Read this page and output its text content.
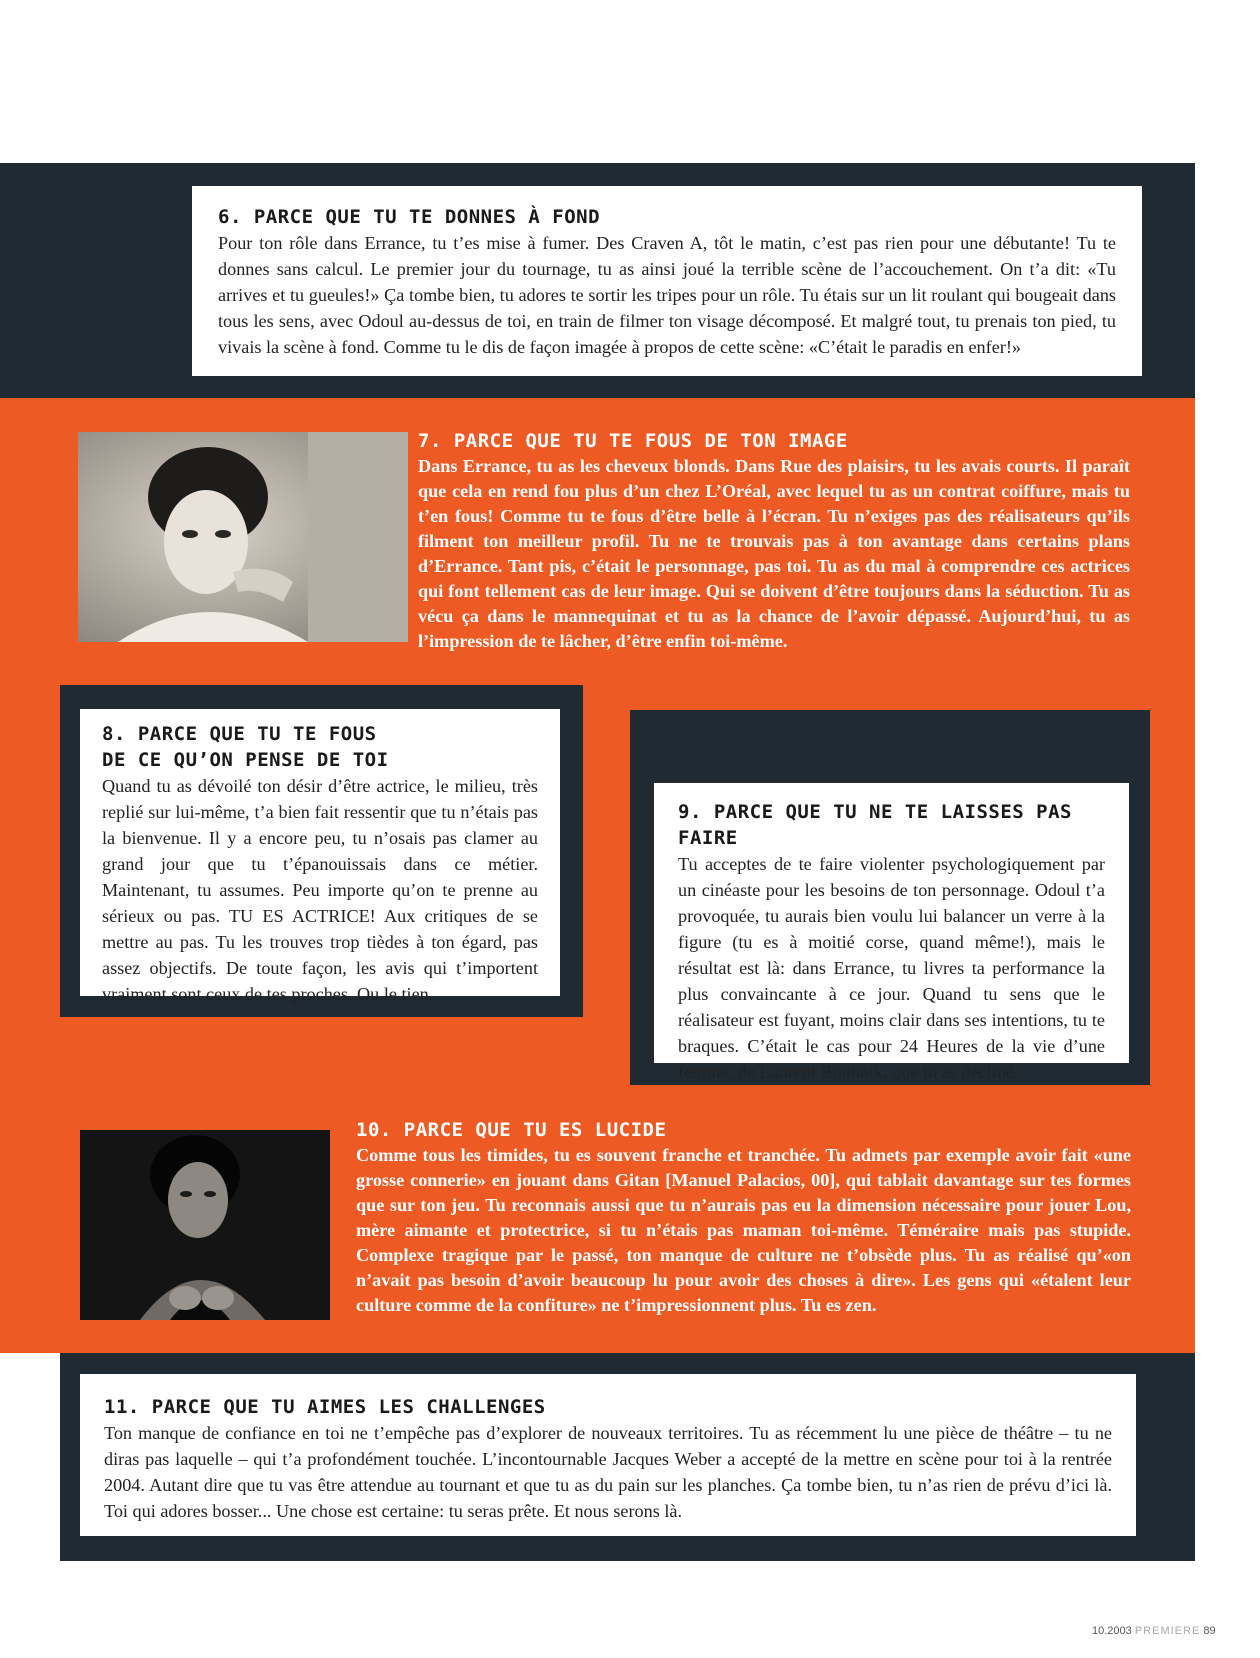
6. PARCE QUE TU TE DONNES À FOND

Pour ton rôle dans Errance, tu t’es mise à fumer. Des Craven A, tôt le matin, c’est pas rien pour une débutante! Tu te donnes sans calcul. Le premier jour du tournage, tu as ainsi joué la terrible scène de l’accouchement. On t’a dit: «Tu arrives et tu gueules!» Ça tombe bien, tu adores te sortir les tripes pour un rôle. Tu étais sur un lit roulant qui bougeait dans tous les sens, avec Odoul au-dessus de toi, en train de filmer ton visage décomposé. Et malgré tout, tu prenais ton pied, tu vivais la scène à fond. Comme tu le dis de façon imagée à propos de cette scène: «C’était le paradis en enfer!»

7. PARCE QUE TU TE FOUS DE TON IMAGE

Dans Errance, tu as les cheveux blonds. Dans Rue des plaisirs, tu les avais courts. Il paraît que cela en rend fou plus d’un chez L’Oréal, avec lequel tu as un contrat coiffure, mais tu t’en fous! Comme tu te fous d’être belle à l’écran. Tu n’exiges pas des réalisateurs qu’ils filment ton meilleur profil. Tu ne te trouvais pas à ton avantage dans certains plans d’Errance. Tant pis, c’était le personnage, pas toi. Tu as du mal à comprendre ces actrices qui font tellement cas de leur image. Qui se doivent d’être toujours dans la séduction. Tu as vécu ça dans le mannequinat et tu as la chance de l’avoir dépassé. Aujourd’hui, tu as l’impression de te lâcher, d’être enfin toi-même.

8. PARCE QUE TU TE FOUS

DE CE QU’ON PENSE DE TOI

Quand tu as dévoilé ton désir d’être actrice, le milieu, très replié sur lui-même, t’a bien fait ressentir que tu n’étais pas la bienvenue. Il y a encore peu, tu n’osais pas clamer au grand jour que tu t’épanouissais dans ce métier. Maintenant, tu assumes. Peu importe qu’on te prenne au sérieux ou pas. TU ES ACTRICE! Aux critiques de se mettre au pas. Tu les trouves trop tièdes à ton égard, pas assez objectifs. De toute façon, les avis qui t’importent vraiment sont ceux de tes proches. Ou le tien.

9. PARCE QUE TU NE TE LAISSES PAS FAIRE

Tu acceptes de te faire violenter psychologiquement par un cinéaste pour les besoins de ton personnage. Odoul t’a provoquée, tu aurais bien voulu lui balancer un verre à la figure (tu es à moitié corse, quand même!), mais le résultat est là: dans Errance, tu livres ta performance la plus convaincante à ce jour. Quand tu sens que le réalisateur est fuyant, moins clair dans ses intentions, tu te braques. C’était le cas pour 24 Heures de la vie d’une femme, de Laurent Bouhnik, que tu as décliné.

10. PARCE QUE TU ES LUCIDE

Comme tous les timides, tu es souvent franche et tranchée. Tu admets par exemple avoir fait «une grosse connerie» en jouant dans Gitan [Manuel Palacios, 00], qui tablait davantage sur tes formes que sur ton jeu. Tu reconnais aussi que tu n’aurais pas eu la dimension nécessaire pour jouer Lou, mère aimante et protectrice, si tu n’étais pas maman toi-même. Téméraire mais pas stupide. Complexe tragique par le passé, ton manque de culture ne t’obsède plus. Tu as réalisé qu’«on n’avait pas besoin d’avoir beaucoup lu pour avoir des choses à dire». Les gens qui «étalent leur culture comme de la confiture» ne t’impressionnent plus. Tu es zen.

11. PARCE QUE TU AIMES LES CHALLENGES

Ton manque de confiance en toi ne t’empêche pas d’explorer de nouveaux territoires. Tu as récemment lu une pièce de théâtre – tu ne diras pas laquelle – qui t’a profondément touchée. L’incontournable Jacques Weber a accepté de la mettre en scène pour toi à la rentrée 2004. Autant dire que tu vas être attendue au tournant et que tu as du pain sur les planches. Ça tombe bien, tu n’as rien de prévu d’ici là. Toi qui adores bosser... Une chose est certaine: tu seras prête. Et nous serons là.

10.2003 PREMIERE 89
